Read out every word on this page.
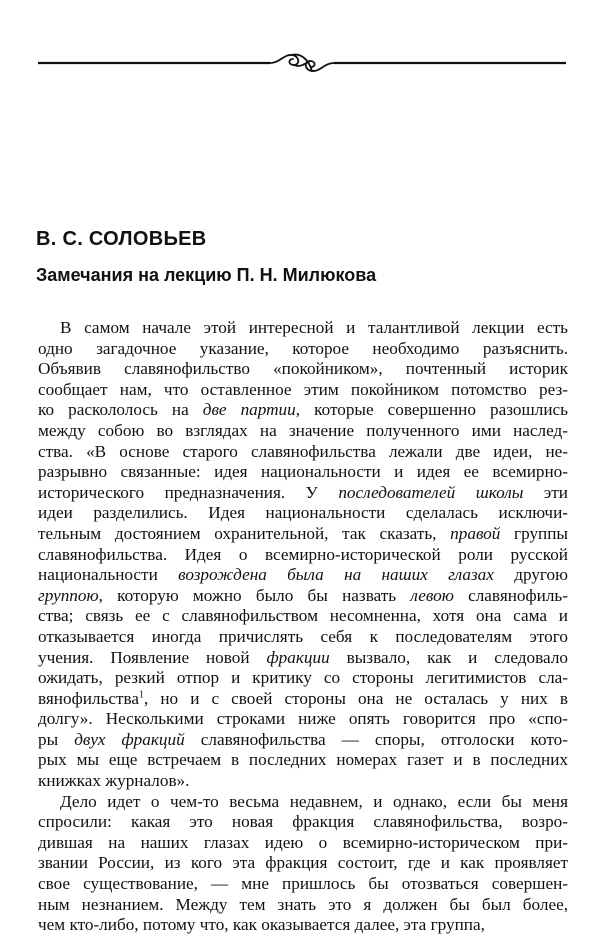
В. С. СОЛОВЬЕВ
Замечания на лекцию П. Н. Милюкова
В самом начале этой интересной и талантливой лекции есть
одно загадочное указание, которое необходимо разъяснить.
Объявив славянофильство «покойником», почтенный историк
сообщает нам, что оставленное этим покойником потомство рез-
ко раскололось на две партии, которые совершенно разошлись
между собою во взглядах на значение полученного ими наслед-
ства. «В основе старого славянофильства лежали две идеи, не-
разрывно связанные: идея национальности и идея ее всемирно-
исторического предназначения. У последователей школы эти
идеи разделились. Идея национальности сделалась исключи-
тельным достоянием охранительной, так сказать, правой группы
славянофильства. Идея о всемирно-исторической роли русской
национальности возрождена была на наших глазах другою
группою, которую можно было бы назвать левою славянофиль-
ства; связь ее с славянофильством несомненна, хотя она сама и
отказывается иногда причислять себя к последователям этого
учения. Появление новой фракции вызвало, как и следовало
ожидать, резкий отпор и критику со стороны легитимистов сла-
вянофильства$^1$, но и с своей стороны она не осталась у них в
долгу». Несколькими строками ниже опять говорится про «спо-
ры двух фракций славянофильства — споры, отголоски кото-
рых мы еще встречаем в последних номерах газет и в последних
книжках журналов».
Дело идет о чем-то весьма недавнем, и однако, если бы меня
спросили: какая это новая фракция славянофильства, возро-
дившая на наших глазах идею о всемирно-историческом при-
звании России, из кого эта фракция состоит, где и как проявляет
свое существование, — мне пришлось бы отозваться совершен-
ным незнанием. Между тем знать это я должен бы был более,
чем кто-либо, потому что, как оказывается далее, эта группа,
